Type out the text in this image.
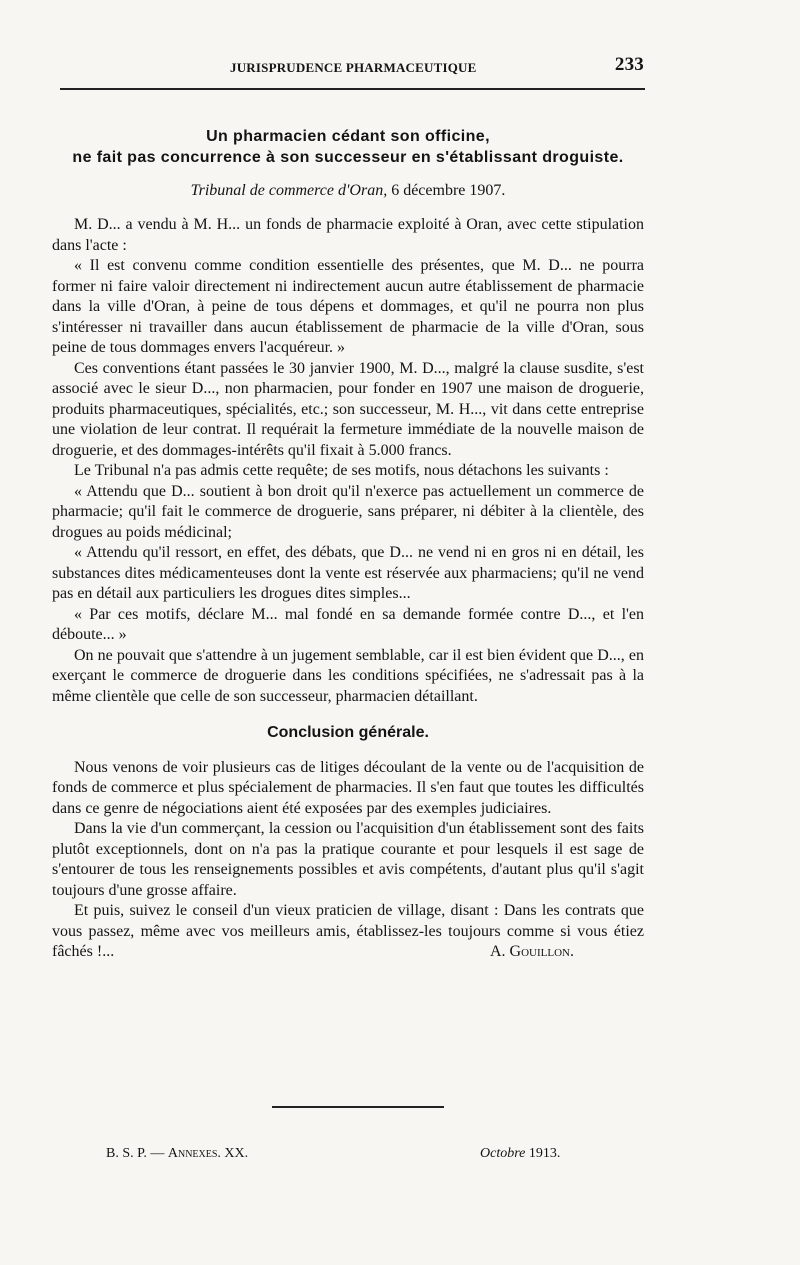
JURISPRUDENCE PHARMACEUTIQUE	233
Un pharmacien cédant son officine,
ne fait pas concurrence à son successeur en s'établissant droguiste.
Tribunal de commerce d'Oran, 6 décembre 1907.

M. D... a vendu à M. H... un fonds de pharmacie exploité à Oran, avec cette stipulation dans l'acte :

« Il est convenu comme condition essentielle des présentes, que M. D... ne pourra former ni faire valoir directement ni indirectement aucun autre établissement de pharmacie dans la ville d'Oran, à peine de tous dépens et dommages, et qu'il ne pourra non plus s'intéresser ni travailler dans aucun établissement de pharmacie de la ville d'Oran, sous peine de tous dommages envers l'acquéreur. »

Ces conventions étant passées le 30 janvier 1900, M. D..., malgré la clause susdite, s'est associé avec le sieur D..., non pharmacien, pour fonder en 1907 une maison de droguerie, produits pharmaceutiques, spécialités, etc.; son successeur, M. H..., vit dans cette entreprise une violation de leur contrat. Il requérait la fermeture immédiate de la nouvelle maison de droguerie, et des dommages-intérêts qu'il fixait à 5.000 francs.

Le Tribunal n'a pas admis cette requête; de ses motifs, nous détachons les suivants :

« Attendu que D... soutient à bon droit qu'il n'exerce pas actuellement un commerce de pharmacie; qu'il fait le commerce de droguerie, sans préparer, ni débiter à la clientèle, des drogues au poids médicinal;

« Attendu qu'il ressort, en effet, des débats, que D... ne vend ni en gros ni en détail, les substances dites médicamenteuses dont la vente est réservée aux pharmaciens; qu'il ne vend pas en détail aux particuliers les drogues dites simples...

« Par ces motifs, déclare M... mal fondé en sa demande formée contre D..., et l'en déboute... »

On ne pouvait que s'attendre à un jugement semblable, car il est bien évident que D..., en exerçant le commerce de droguerie dans les conditions spécifiées, ne s'adressait pas à la même clientèle que celle de son successeur, pharmacien détaillant.

Conclusion générale.

Nous venons de voir plusieurs cas de litiges découlant de la vente ou de l'acquisition de fonds de commerce et plus spécialement de pharmacies. Il s'en faut que toutes les difficultés dans ce genre de négociations aient été exposées par des exemples judiciaires.

Dans la vie d'un commerçant, la cession ou l'acquisition d'un établissement sont des faits plutôt exceptionnels, dont on n'a pas la pratique courante et pour lesquels il est sage de s'entourer de tous les renseignements possibles et avis compétents, d'autant plus qu'il s'agit toujours d'une grosse affaire.

Et puis, suivez le conseil d'un vieux praticien de village, disant : Dans les contrats que vous passez, même avec vos meilleurs amis, établissez-les toujours comme si vous étiez fâchés !...	A. Gouillon.

B. S. P. — Annexes. XX.	Octobre 1913.
